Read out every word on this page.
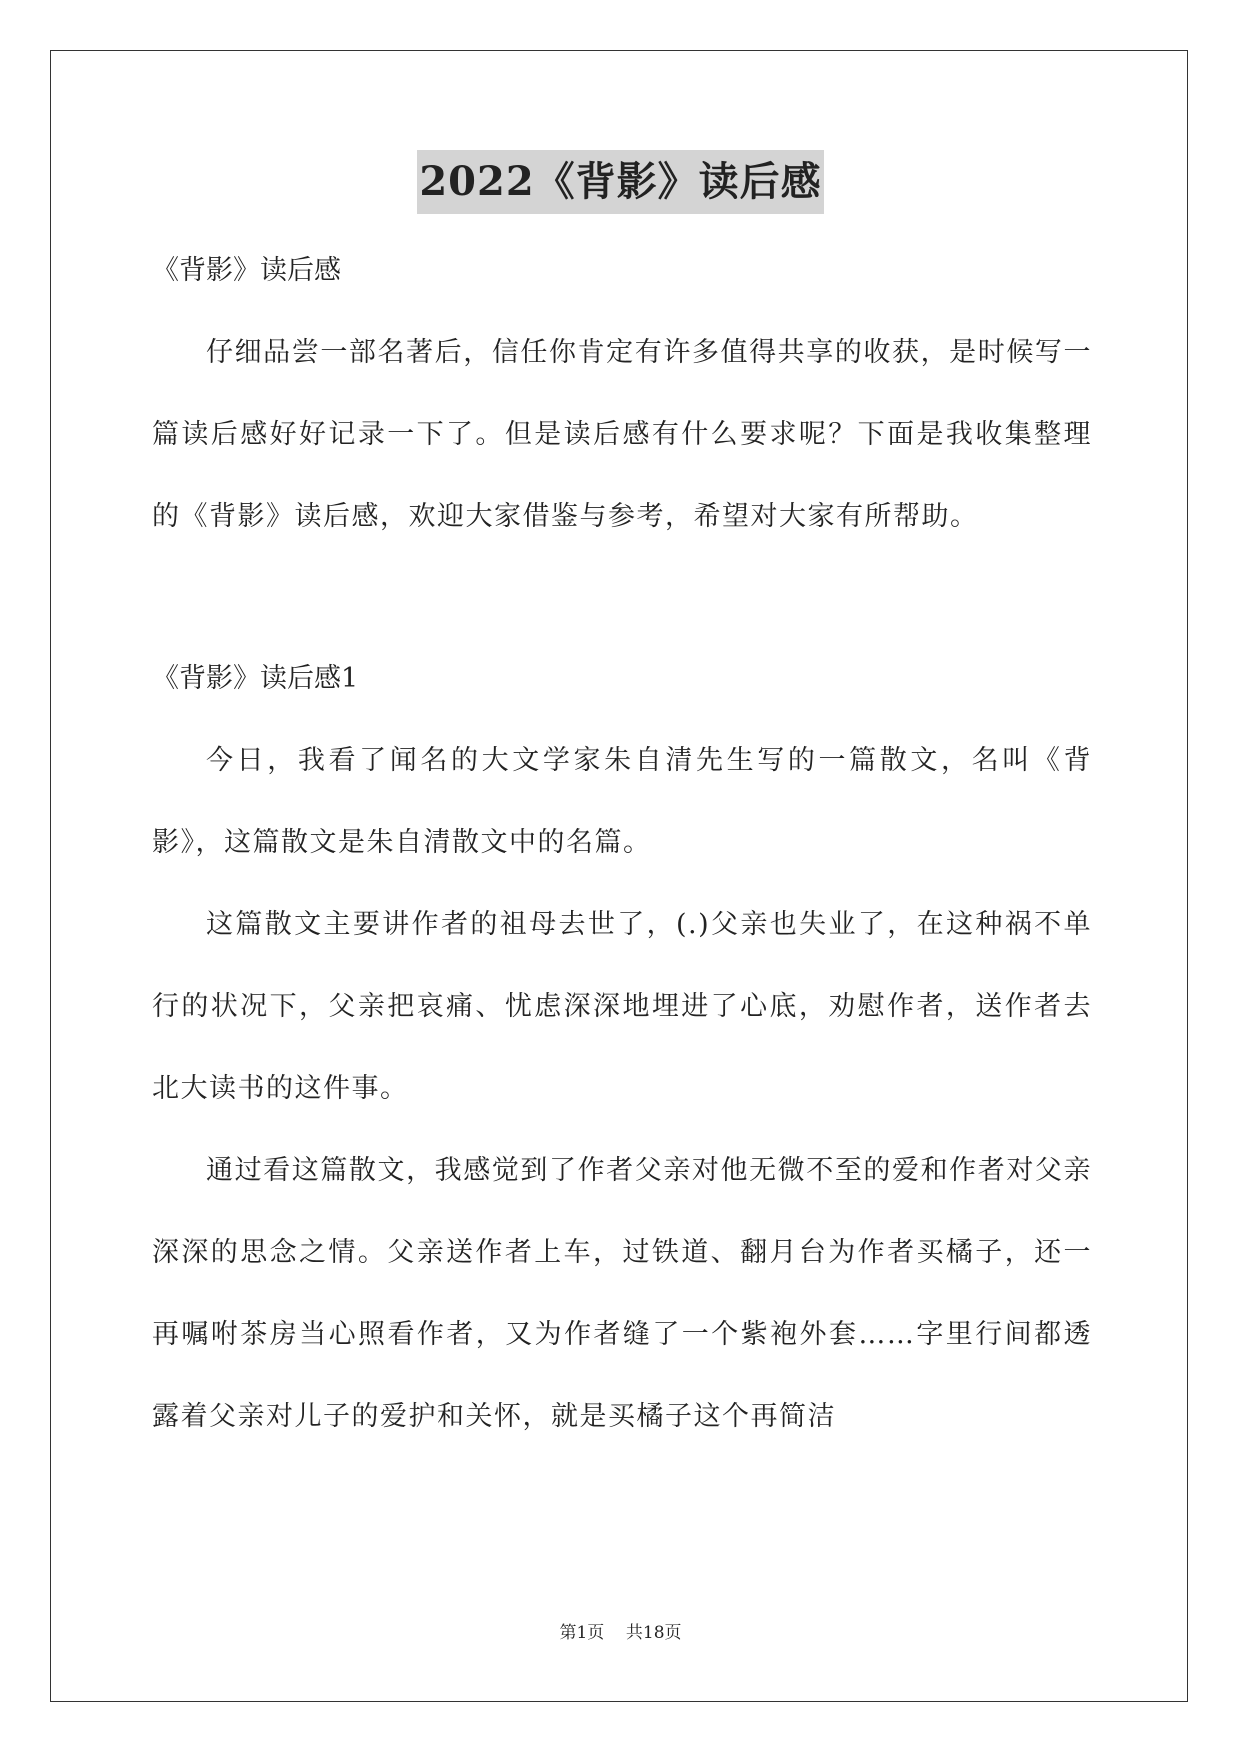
2022《背影》读后感
《背影》读后感

仔细品尝一部名著后，信任你肯定有许多值得共享的收获，是时候写一篇读后感好好记录一下了。但是读后感有什么要求呢？下面是我收集整理的《背影》读后感，欢迎大家借鉴与参考，希望对大家有所帮助。

《背影》读后感1

今日，我看了闻名的大文学家朱自清先生写的一篇散文，名叫《背影》，这篇散文是朱自清散文中的名篇。

这篇散文主要讲作者的祖母去世了，(.)父亲也失业了，在这种祸不单行的状况下，父亲把哀痛、忧虑深深地埋进了心底，劝慰作者，送作者去北大读书的这件事。

通过看这篇散文，我感觉到了作者父亲对他无微不至的爱和作者对父亲深深的思念之情。父亲送作者上车，过铁道、翻月台为作者买橘子，还一再嘱咐茶房当心照看作者，又为作者缝了一个紫袍外套……字里行间都透露着父亲对儿子的爱护和关怀，就是买橘子这个再简洁

第1页 共18页
